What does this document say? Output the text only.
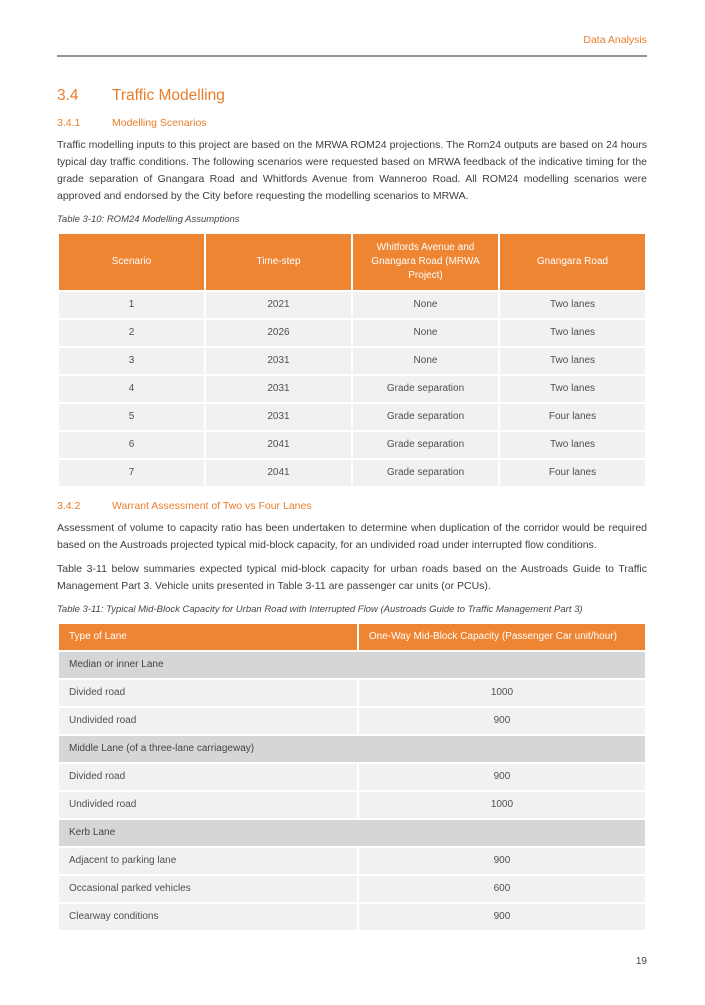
Data Analysis
3.4	Traffic Modelling
3.4.1	Modelling Scenarios

Traffic modelling inputs to this project are based on the MRWA ROM24 projections. The Rom24 outputs are based on 24 hours typical day traffic conditions. The following scenarios were requested based on MRWA feedback of the indicative timing for the grade separation of Gnangara Road and Whitfords Avenue from Wanneroo Road. All ROM24 modelling scenarios were approved and endorsed by the City before requesting the modelling scenarios to MRWA.

Table 3-10: ROM24 Modelling Assumptions

Scenario	Time-step	Whitfords Avenue and Gnangara Road (MRWA Project)	Gnangara Road
1	2021	None	Two lanes
2	2026	None	Two lanes
3	2031	None	Two lanes
4	2031	Grade separation	Two lanes
5	2031	Grade separation	Four lanes
6	2041	Grade separation	Two lanes
7	2041	Grade separation	Four lanes
3.4.2	Warrant Assessment of Two vs Four Lanes

Assessment of volume to capacity ratio has been undertaken to determine when duplication of the corridor would be required based on the Austroads projected typical mid-block capacity, for an undivided road under interrupted flow conditions.

Table 3-11 below summaries expected typical mid-block capacity for urban roads based on the Austroads Guide to Traffic Management Part 3. Vehicle units presented in Table 3-11 are passenger car units (or PCUs).

Table 3-11: Typical Mid-Block Capacity for Urban Road with Interrupted Flow (Austroads Guide to Traffic Management Part 3)

Type of Lane	One-Way Mid-Block Capacity (Passenger Car unit/hour)
Median or inner Lane	
Divided road	1000
Undivided road	900
Middle Lane (of a three-lane carriageway)	
Divided road	900
Undivided road	1000
Kerb Lane	
Adjacent to parking lane	900
Occasional parked vehicles	600
Clearway conditions	900
19
